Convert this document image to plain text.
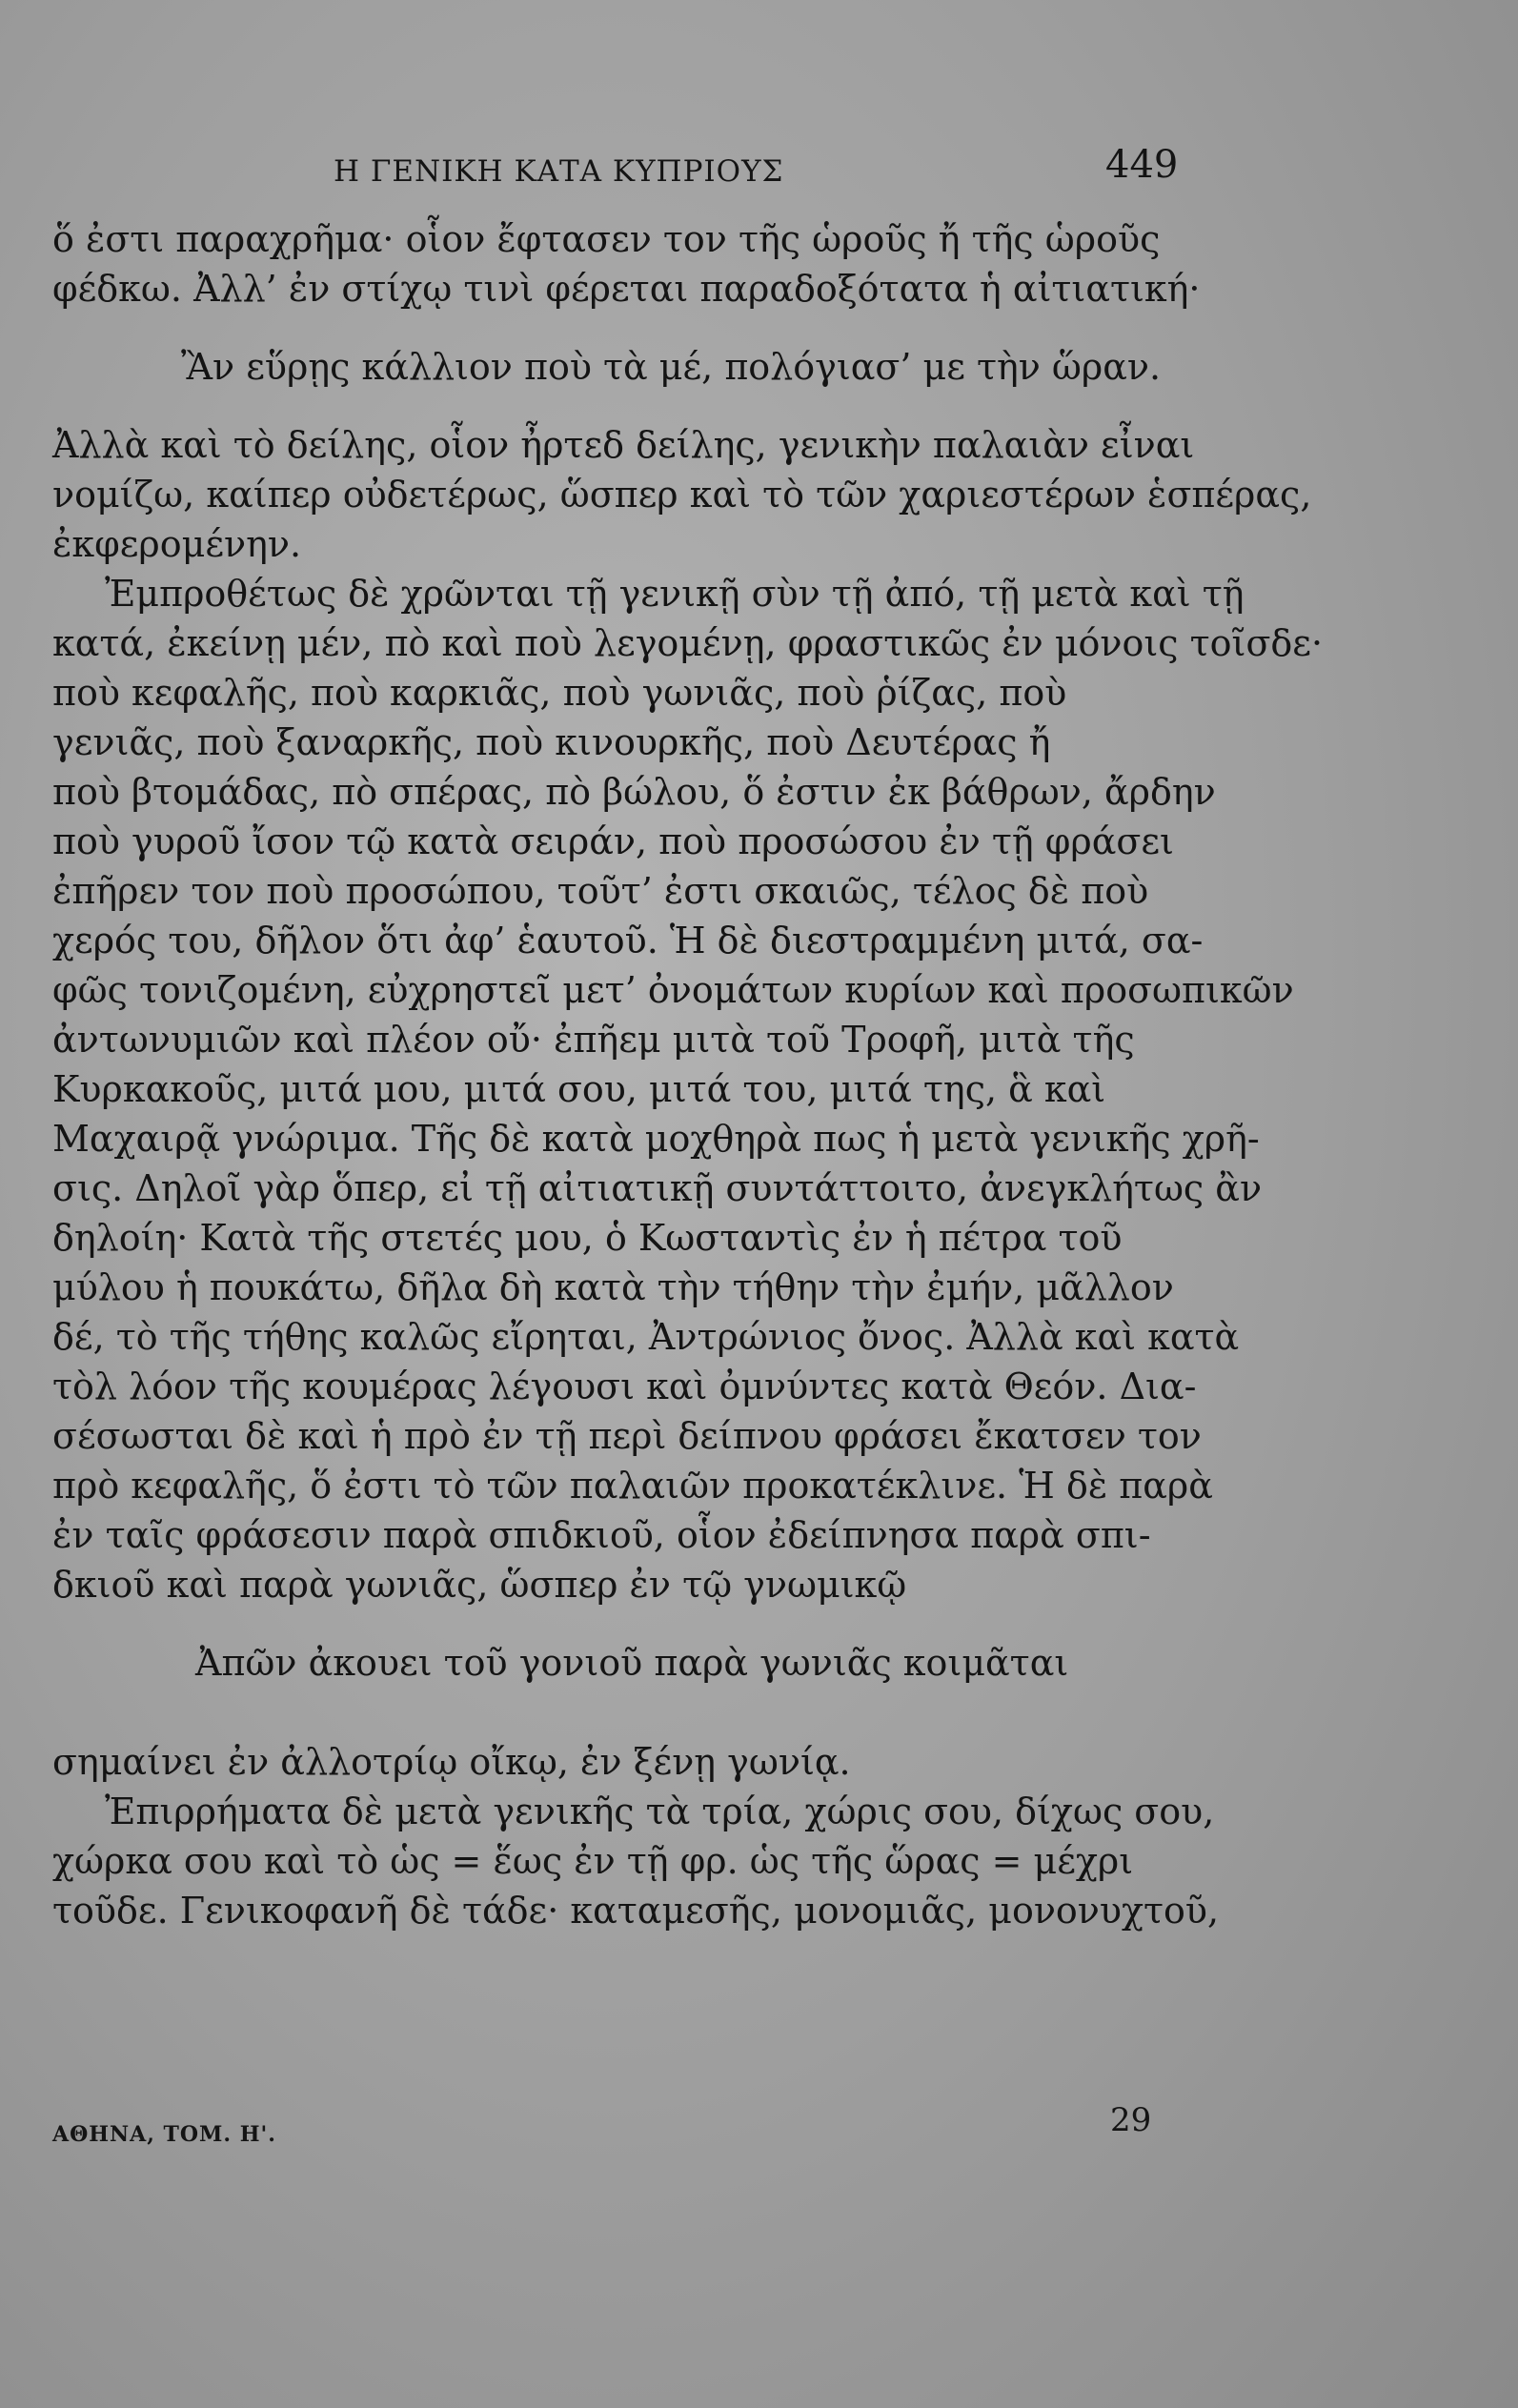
Η ΓΕΝΙΚΗ ΚΑΤΑ ΚΥΠΡΙΟΥΣ	449
ὅ ἐστι παραχρῆμα· οἷον ἔφτασεν τον τῆς ὡροῦς ἤ τῆς ὡροῦς
φέδκω. Ἀλλ’ ἐν στίχῳ τινὶ φέρεται παραδοξότατα ἡ αἰτιατική·
Ἂν εὕρῃς κάλλιον ποὺ τὰ μέ, πολόγιασ’ με τὴν ὥραν.
Ἀλλὰ καὶ τὸ δείλης, οἷον ἦρτεδ δείλης, γενικὴν παλαιὰν εἶναι
νομίζω, καίπερ οὐδετέρως, ὥσπερ καὶ τὸ τῶν χαριεστέρων ἑσπέρας,
ἐκφερομένην.
Ἐμπροθέτως δὲ χρῶνται τῇ γενικῇ σὺν τῇ ἀπό, τῇ μετὰ καὶ τῇ
κατά, ἐκείνῃ μέν, πὸ καὶ ποὺ λεγομένῃ, φραστικῶς ἐν μόνοις τοῖσδε·
ποὺ κεφαλῆς, ποὺ καρκιᾶς, ποὺ γωνιᾶς, ποὺ ῥίζας, ποὺ
γενιᾶς, ποὺ ξαναρκῆς, ποὺ κινουρκῆς, ποὺ Δευτέρας ἤ
ποὺ βτομάδας, πὸ σπέρας, πὸ βώλου, ὅ ἐστιν ἐκ βάθρων, ἄρδην
ποὺ γυροῦ ἴσον τῷ κατὰ σειράν, ποὺ προσώσου ἐν τῇ φράσει
ἐπῆρεν τον ποὺ προσώπου, τοῦτ’ ἐστι σκαιῶς, τέλος δὲ ποὺ
χερός του, δῆλον ὅτι ἀφ’ ἑαυτοῦ. Ἡ δὲ διεστραμμένη μιτά, σα-
φῶς τονιζομένη, εὐχρηστεῖ μετ’ ὀνομάτων κυρίων καὶ προσωπικῶν
ἀντωνυμιῶν καὶ πλέον οὔ· ἐπῆεμ μιτὰ τοῦ Τροφῆ, μιτὰ τῆς
Κυρκακοῦς, μιτά μου, μιτά σου, μιτά του, μιτά της, ἃ καὶ
Μαχαιρᾷ γνώριμα. Τῆς δὲ κατὰ μοχθηρὰ πως ἡ μετὰ γενικῆς χρῆ-
σις. Δηλοῖ γὰρ ὅπερ, εἰ τῇ αἰτιατικῇ συντάττοιτο, ἀνεγκλήτως ἂν
δηλοίη· Κατὰ τῆς στετές μου, ὁ Κωσταντὶς ἐν ἡ πέτρα τοῦ
μύλου ἡ πουκάτω, δῆλα δὴ κατὰ τὴν τήθην τὴν ἐμήν, μᾶλλον
δέ, τὸ τῆς τήθης καλῶς εἴρηται, Ἀντρώνιος ὄνος. Ἀλλὰ καὶ κατὰ
τὸλ λόον τῆς κουμέρας λέγουσι καὶ ὀμνύντες κατὰ Θεόν. Δια-
σέσωσται δὲ καὶ ἡ πρὸ ἐν τῇ περὶ δείπνου φράσει ἔκατσεν τον
πρὸ κεφαλῆς, ὅ ἐστι τὸ τῶν παλαιῶν προκατέκλινε. Ἡ δὲ παρὰ
ἐν ταῖς φράσεσιν παρὰ σπιδκιοῦ, οἷον ἐδείπνησα παρὰ σπι-
δκιοῦ καὶ παρὰ γωνιᾶς, ὥσπερ ἐν τῷ γνωμικῷ
Ἀπῶν ἀκουει τοῦ γονιοῦ παρὰ γωνιᾶς κοιμᾶται
σημαίνει ἐν ἀλλοτρίῳ οἴκῳ, ἐν ξένῃ γωνίᾳ.
Ἐπιρρήματα δὲ μετὰ γενικῆς τὰ τρία, χώρις σου, δίχως σου,
χώρκα σου καὶ τὸ ὡς = ἕως ἐν τῇ φρ. ὡς τῆς ὥρας = μέχρι
τοῦδε. Γενικοφανῆ δὲ τάδε· καταμεσῆς, μονομιᾶς, μονονυχτοῦ,
ΑΘΗΝΑ, ΤΟΜ. Η'.	29
